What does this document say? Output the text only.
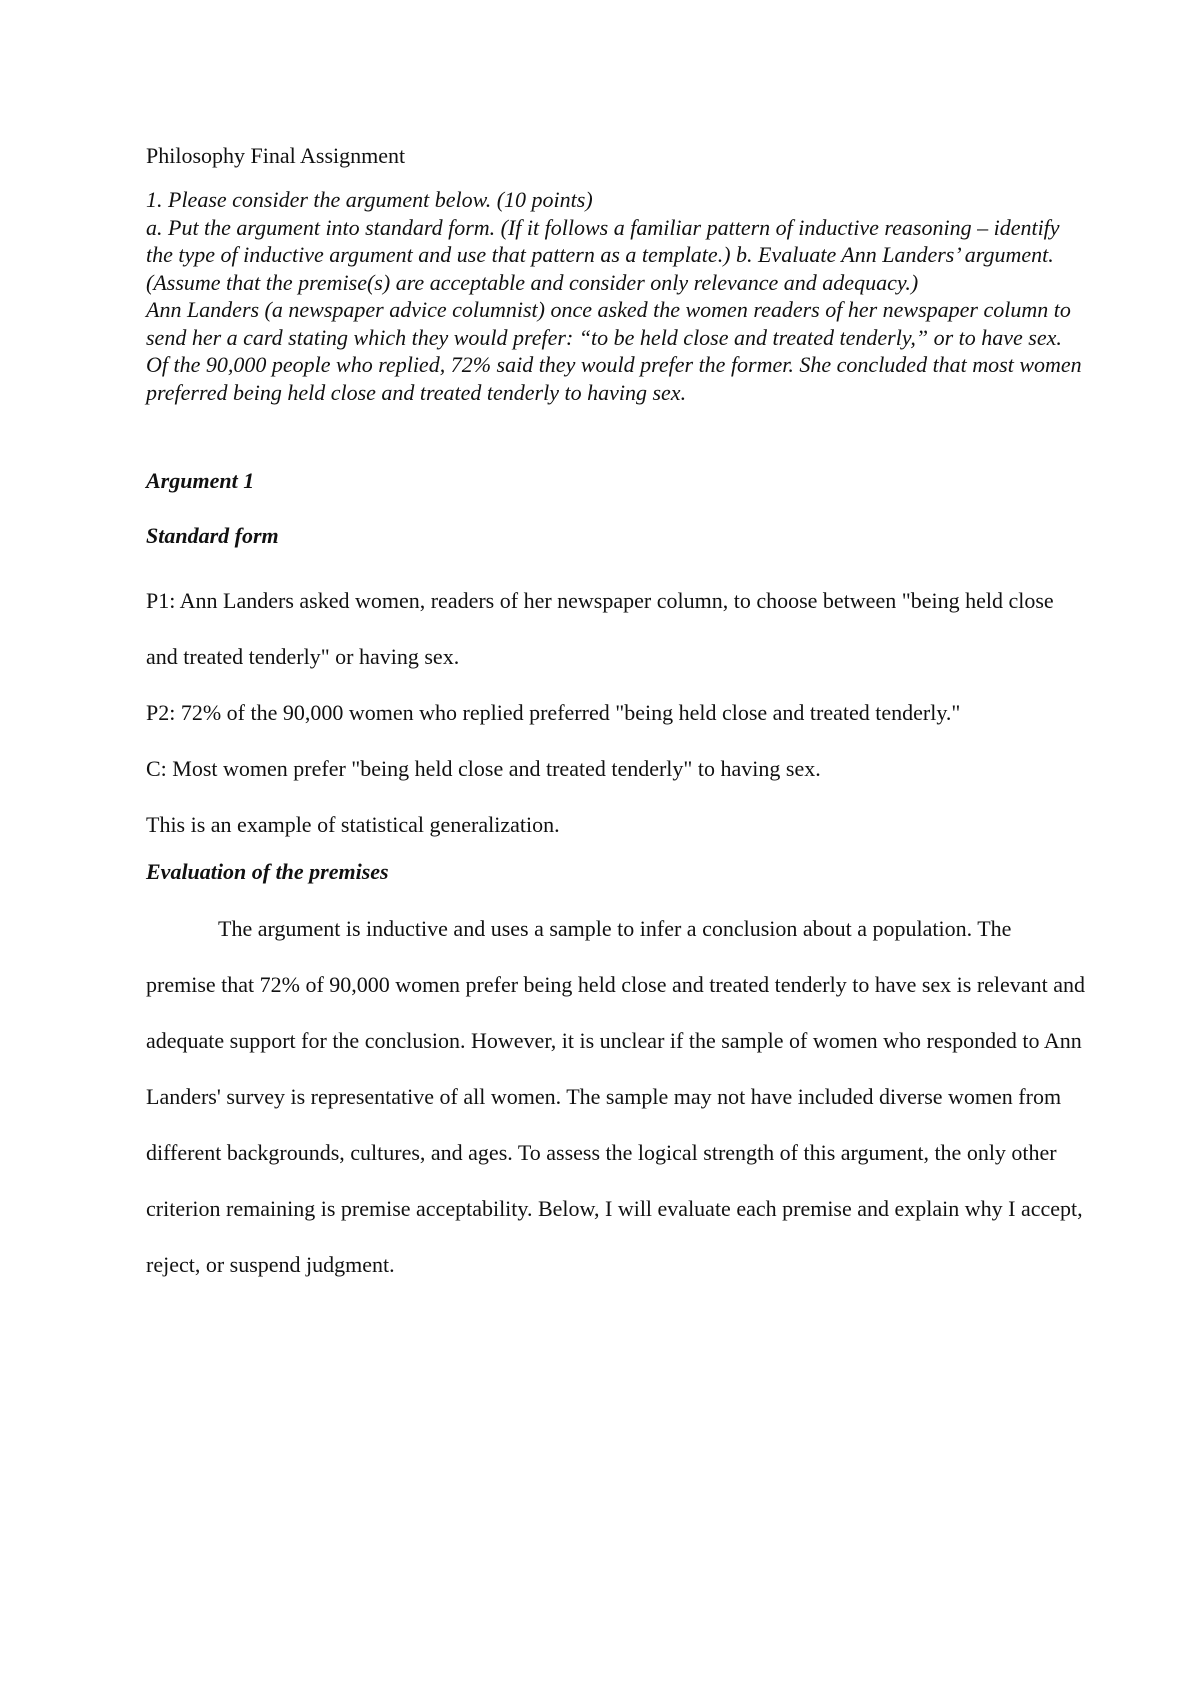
Philosophy Final Assignment

1. Please consider the argument below. (10 points)

a. Put the argument into standard form. (If it follows a familiar pattern of inductive reasoning – identify the type of inductive argument and use that pattern as a template.) b. Evaluate Ann Landers’ argument. (Assume that the premise(s) are acceptable and consider only relevance and adequacy.)

Ann Landers (a newspaper advice columnist) once asked the women readers of her newspaper column to send her a card stating which they would prefer: “to be held close and treated tenderly,” or to have sex. Of the 90,000 people who replied, 72% said they would prefer the former. She concluded that most women preferred being held close and treated tenderly to having sex.

Argument 1
Standard form

P1: Ann Landers asked women, readers of her newspaper column, to choose between "being held close and treated tenderly" or having sex.

P2: 72% of the 90,000 women who replied preferred "being held close and treated tenderly."

C: Most women prefer "being held close and treated tenderly" to having sex.

This is an example of statistical generalization.

Evaluation of the premises

The argument is inductive and uses a sample to infer a conclusion about a population. The premise that 72% of 90,000 women prefer being held close and treated tenderly to have sex is relevant and adequate support for the conclusion. However, it is unclear if the sample of women who responded to Ann Landers' survey is representative of all women. The sample may not have included diverse women from different backgrounds, cultures, and ages. To assess the logical strength of this argument, the only other criterion remaining is premise acceptability. Below, I will evaluate each premise and explain why I accept, reject, or suspend judgment.
